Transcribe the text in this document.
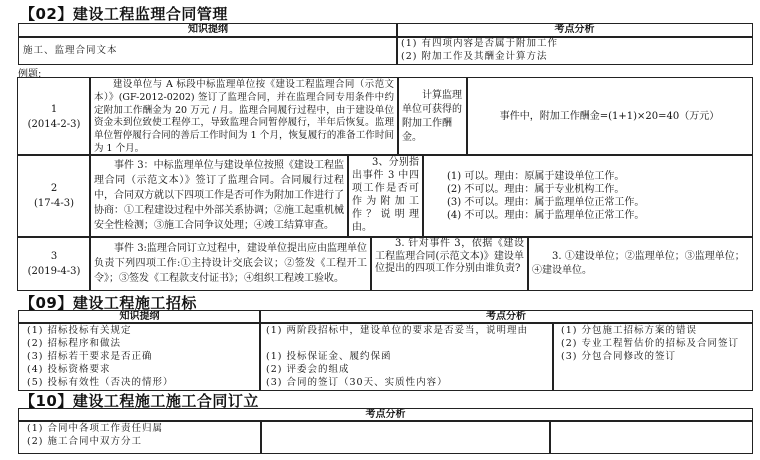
【02】建设工程监理合同管理
知识提纲	考点分析
施工、监理合同文本
(1) 有四项内容是否属于附加工作
(2) 附加工作及其酬金计算方法
例题:
1
(2014-2-3)
建设单位与 A 标段中标监理单位按《建设工程监理合同（示范文本）》(GF-2012-0202) 签订了监理合同，并在监理合同专用条件中约定附加工作酬金为 20 万元 / 月。监理合同履行过程中，由于建设单位资金未到位致使工程停工，导致监理合同暂停履行，半年后恢复。监理单位暂停履行合同的善后工作时间为 1 个月，恢复履行的准备工作时间为 1 个月。
计算监理单位可获得的附加工作酬金。
事件中，附加工作酬金=(1+1)×20=40（万元）
2
(17-4-3)
事件 3：中标监理单位与建设单位按照《建设工程监理合同（示范文本）》签订了监理合同。合同履行过程中，合同双方就以下四项工作是否可作为附加工作进行了协商：①工程建设过程中外部关系协调；②施工起重机械安全性检测；③施工合同争议处理；④竣工结算审查。
3、分别指出事件 3 中四项工作是否可作为附加工作？说明理由。
(1) 可以。理由：原属于建设单位工作。
(2) 不可以。理由：属于专业机构工作。
(3) 不可以。理由：属于监理单位正常工作。
(4) 不可以。理由：属于监理单位正常工作。
3
(2019-4-3)
事件 3:监理合同订立过程中，建设单位提出应由监理单位负责下列四项工作:①主持设计交底会议；②签发《工程开工令》；③签发《工程款支付证书》；④组织工程竣工验收。
3. 针对事件 3，依据《建设工程监理合同(示范文本)》建设单位提出的四项工作分别由谁负责?
3. ①建设单位；②监理单位；③监理单位；④建设单位。
【09】建设工程施工招标
知识提纲	考点分析
(1) 招标投标有关规定
(2) 招标程序和做法
(3) 招标若干要求是否正确
(4) 投标资格要求
(5) 投标有效性（否决的情形）
(1) 两阶段招标中，建设单位的要求是否妥当，说明理由
(1) 投标保证金、履约保函
(2) 评委会的组成
(3) 合同的签订（30天、实质性内容）
(1) 分包施工招标方案的错误
(2) 专业工程暂估价的招标及合同签订
(3) 分包合同修改的签订
【10】建设工程施工施工合同订立
考点分析
(1) 合同中各项工作责任归属
(2) 施工合同中双方分工
